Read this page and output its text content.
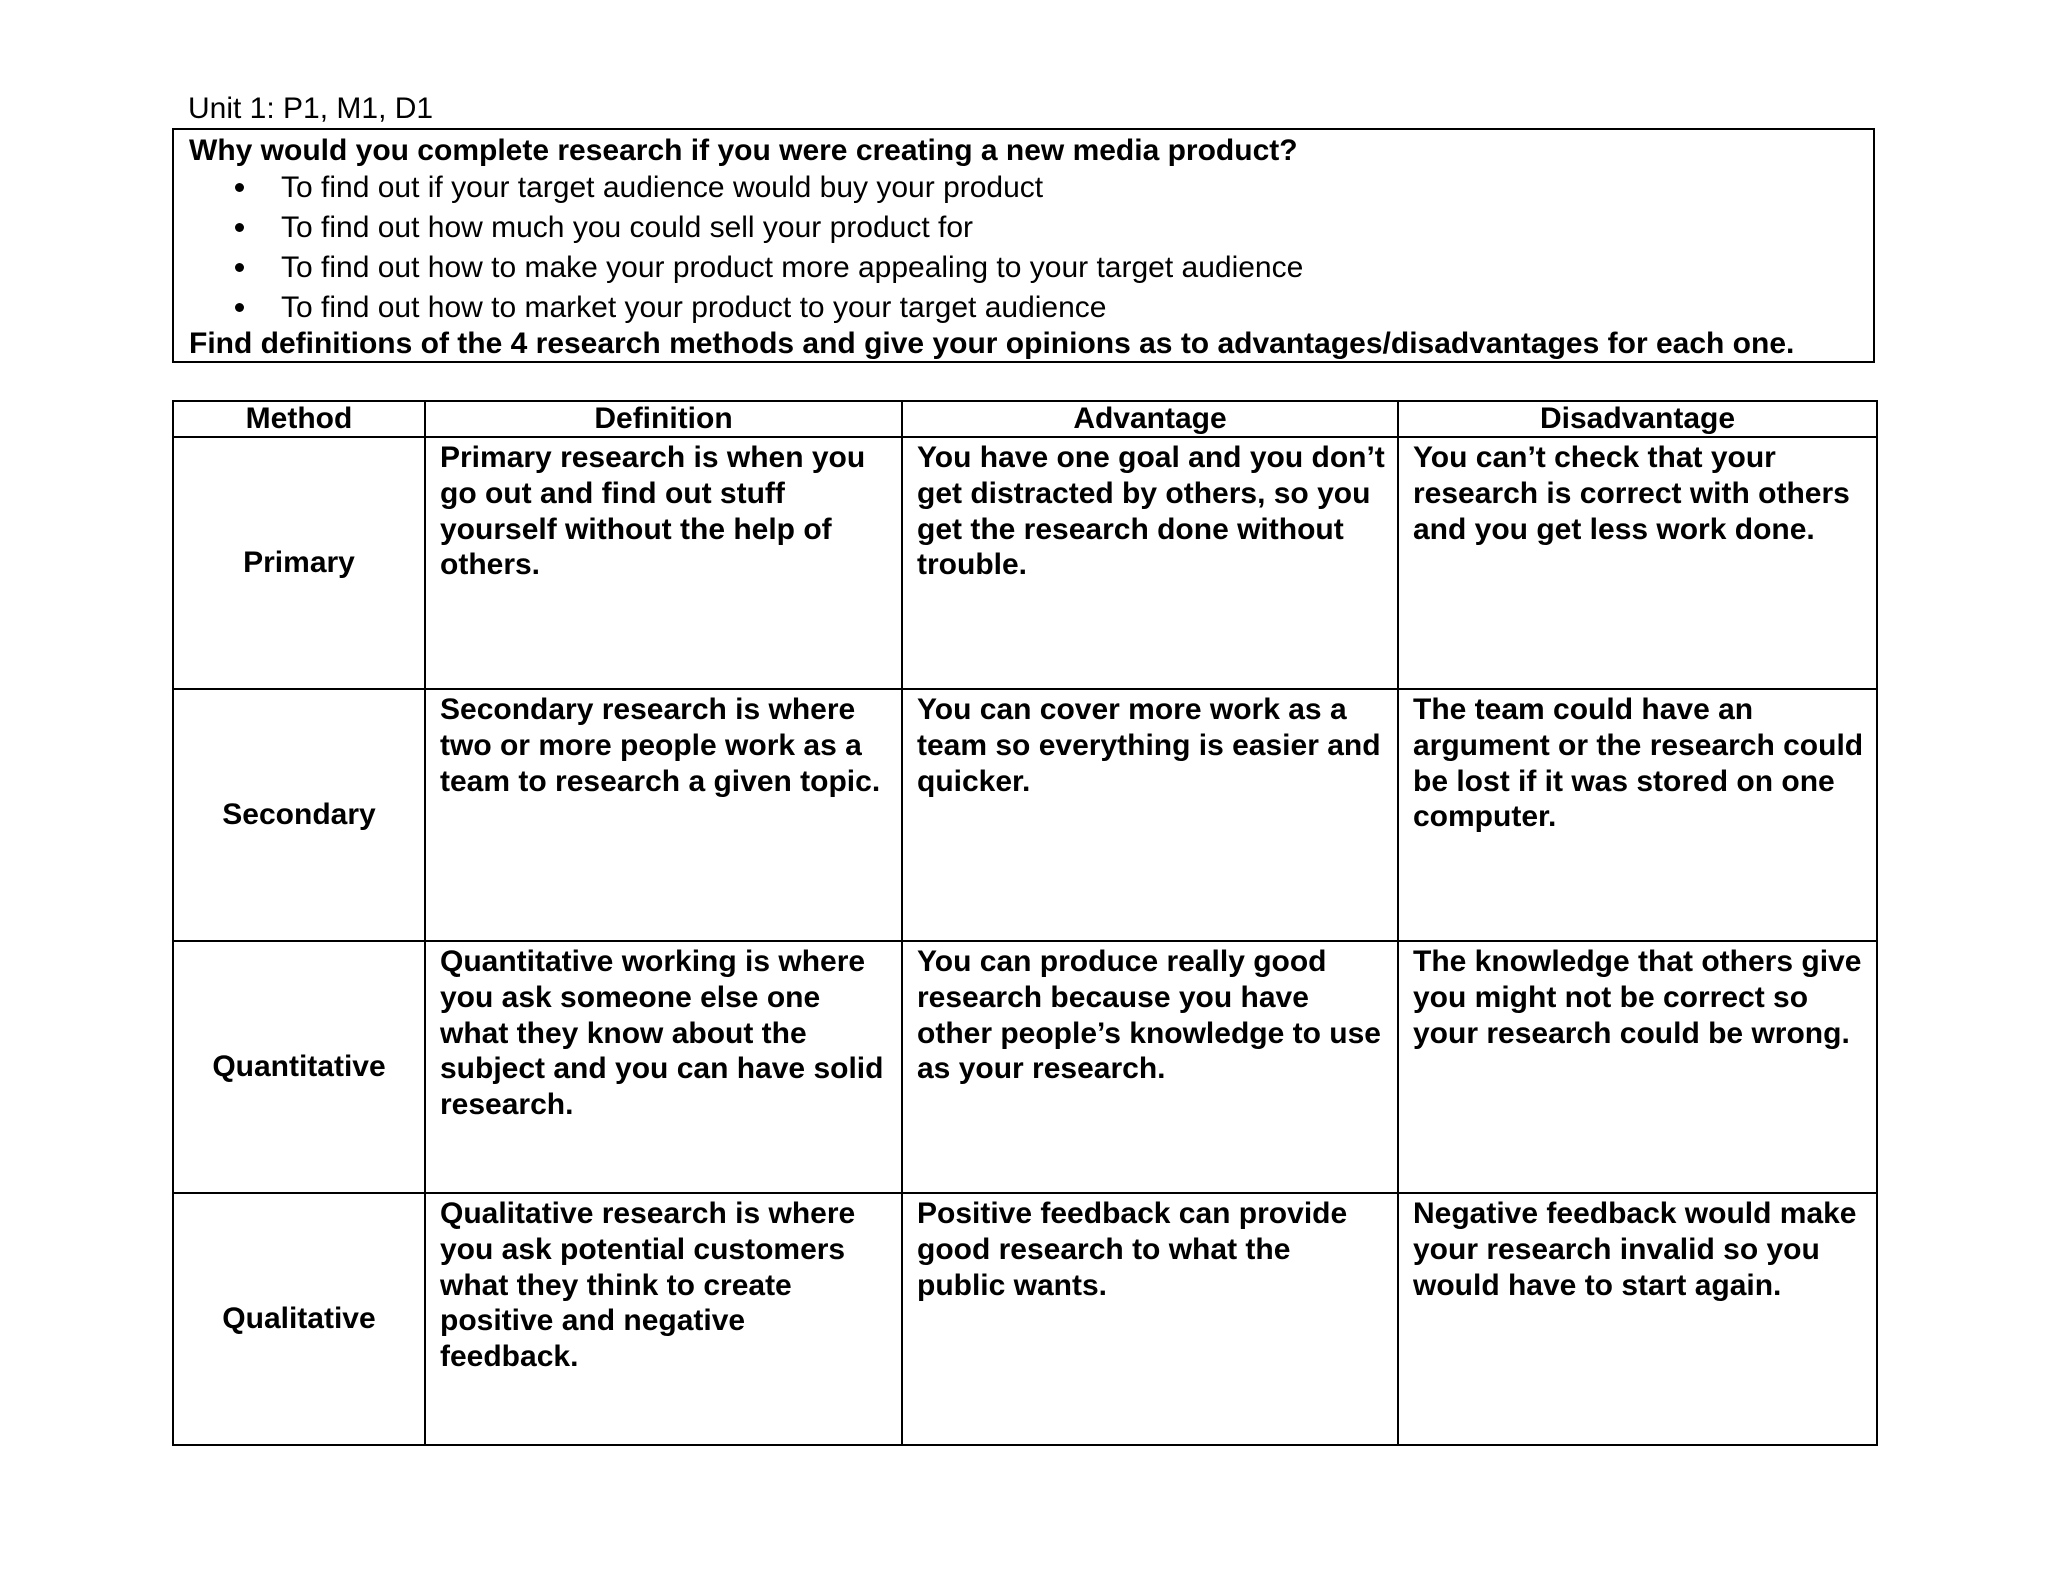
Unit 1: P1, M1, D1
Why would you complete research if you were creating a new media product?
To find out if your target audience would buy your product
To find out how much you could sell your product for
To find out how to make your product more appealing to your target audience
To find out how to market your product to your target audience
Find definitions of the 4 research methods and give your opinions as to advantages/disadvantages for each one.
Method	Definition	Advantage	Disadvantage
Primary	Primary research is when you go out and find out stuff yourself without the help of others.	You have one goal and you don’t get distracted by others, so you get the research done without trouble.	You can’t check that your research is correct with others and you get less work done.
Secondary	Secondary research is where two or more people work as a team to research a given topic.	You can cover more work as a team so everything is easier and quicker.	The team could have an argument or the research could be lost if it was stored on one computer.
Quantitative	Quantitative working is where you ask someone else one what they know about the subject and you can have solid research.	You can produce really good research because you have other people’s knowledge to use as your research.	The knowledge that others give you might not be correct so your research could be wrong.
Qualitative	Qualitative research is where you ask potential customers what they think to create positive and negative feedback.	Positive feedback can provide good research to what the public wants.	Negative feedback would make your research invalid so you would have to start again.
